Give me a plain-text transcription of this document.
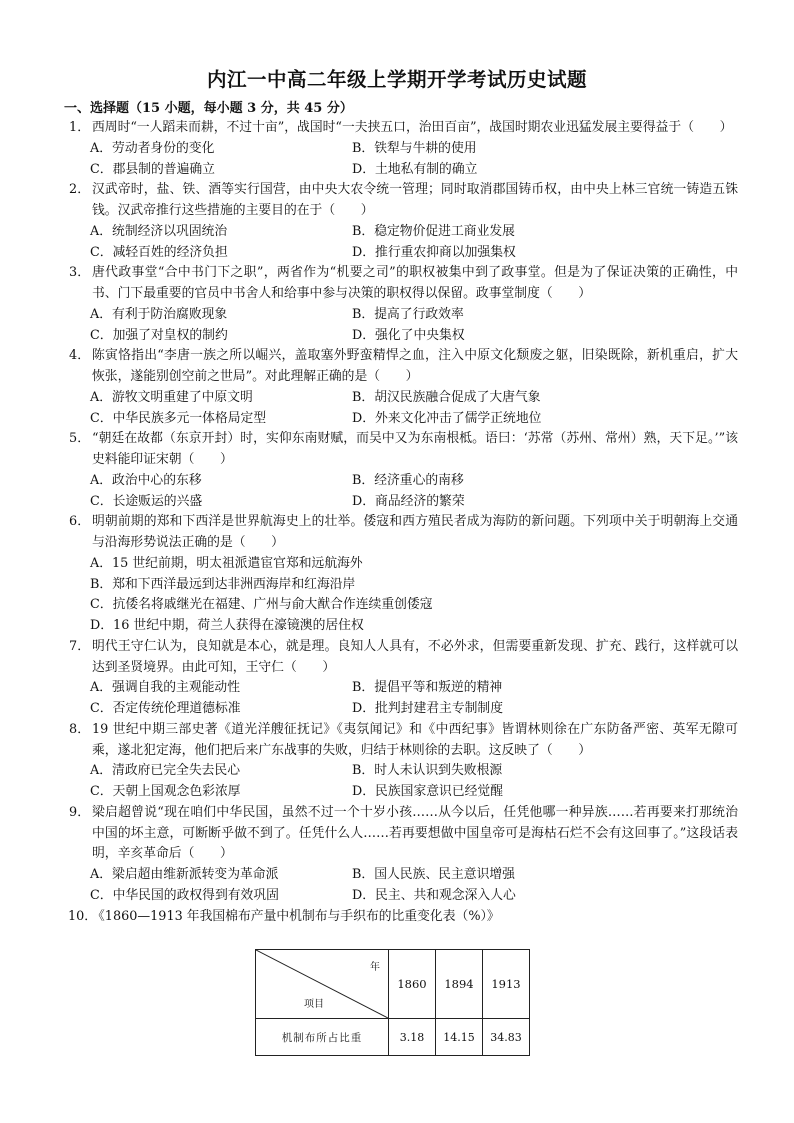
内江一中高二年级上学期开学考试历史试题
一、选择题（15 小题，每小题 3 分，共 45 分）
1． 西周时“一人蹈耒而耕，不过十亩”，战国时“一夫挟五口，治田百亩”，战国时期农业迅猛发展主要得益于（　　）
A．劳动者身份的变化	B．铁犁与牛耕的使用
C．郡县制的普遍确立	D．土地私有制的确立
2． 汉武帝时，盐、铁、酒等实行国营，由中央大农令统一管理；同时取消郡国铸币权，由中央上林三官统一铸造五铢钱。汉武帝推行这些措施的主要目的在于（　　）
A．统制经济以巩固统治	B．稳定物价促进工商业发展
C．减轻百姓的经济负担	D．推行重农抑商以加强集权
3． 唐代政事堂“合中书门下之职”，两省作为“机要之司”的职权被集中到了政事堂。但是为了保证决策的正确性，中书、门下最重要的官员中书舍人和给事中参与决策的职权得以保留。政事堂制度（　　）
A．有利于防治腐败现象	B．提高了行政效率
C．加强了对皇权的制约	D．强化了中央集权
4． 陈寅恪指出“李唐一族之所以崛兴，盖取塞外野蛮精悍之血，注入中原文化颓废之躯，旧染既除，新机重启，扩大恢张，遂能别创空前之世局”。对此理解正确的是（　　）
A．游牧文明重建了中原文明	B．胡汉民族融合促成了大唐气象
C．中华民族多元一体格局定型	D．外来文化冲击了儒学正统地位
5． “朝廷在故都（东京开封）时，实仰东南财赋，而吴中又为东南根柢。语曰：‘苏常（苏州、常州）熟，天下足。’”该史料能印证宋朝（　　）
A．政治中心的东移	B．经济重心的南移
C．长途贩运的兴盛	D．商品经济的繁荣
6． 明朝前期的郑和下西洋是世界航海史上的壮举。倭寇和西方殖民者成为海防的新问题。下列项中关于明朝海上交通与沿海形势说法正确的是（　　）
A．15 世纪前期，明太祖派遣宦官郑和远航海外
B．郑和下西洋最远到达非洲西海岸和红海沿岸
C．抗倭名将戚继光在福建、广州与俞大猷合作连续重创倭寇
D．16 世纪中期，荷兰人获得在濠镜澳的居住权
7． 明代王守仁认为，良知就是本心，就是理。良知人人具有，不必外求，但需要重新发现、扩充、践行，这样就可以达到圣贤境界。由此可知，王守仁（　　）
A．强调自我的主观能动性	B．提倡平等和叛逆的精神
C．否定传统伦理道德标准	D．批判封建君主专制制度
8． 19 世纪中期三部史著《道光洋艘征抚记》《夷氛闻记》和《中西纪事》皆谓林则徐在广东防备严密、英军无隙可乘，遂北犯定海，他们把后来广东战事的失败，归结于林则徐的去职。这反映了（　　）
A．清政府已完全失去民心	B．时人未认识到失败根源
C．天朝上国观念色彩浓厚	D．民族国家意识已经觉醒
9． 梁启超曾说“现在咱们中华民国，虽然不过一个十岁小孩……从今以后，任凭他哪一种异族……若再要来打那统治中国的坏主意，可断断乎做不到了。任凭什么人……若再要想做中国皇帝可是海枯石烂不会有这回事了。”这段话表明，辛亥革命后（　　）
A．梁启超由维新派转变为革命派	B．国人民族、民主意识增强
C．中华民国的政权得到有效巩固	D．民主、共和观念深入人心
10．
《1860—1913 年我国棉布产量中机制布与手织布的比重变化表（%）》
年
项目	1860	1894	1913
机制布所占比重	3.18	14.15	34.83
